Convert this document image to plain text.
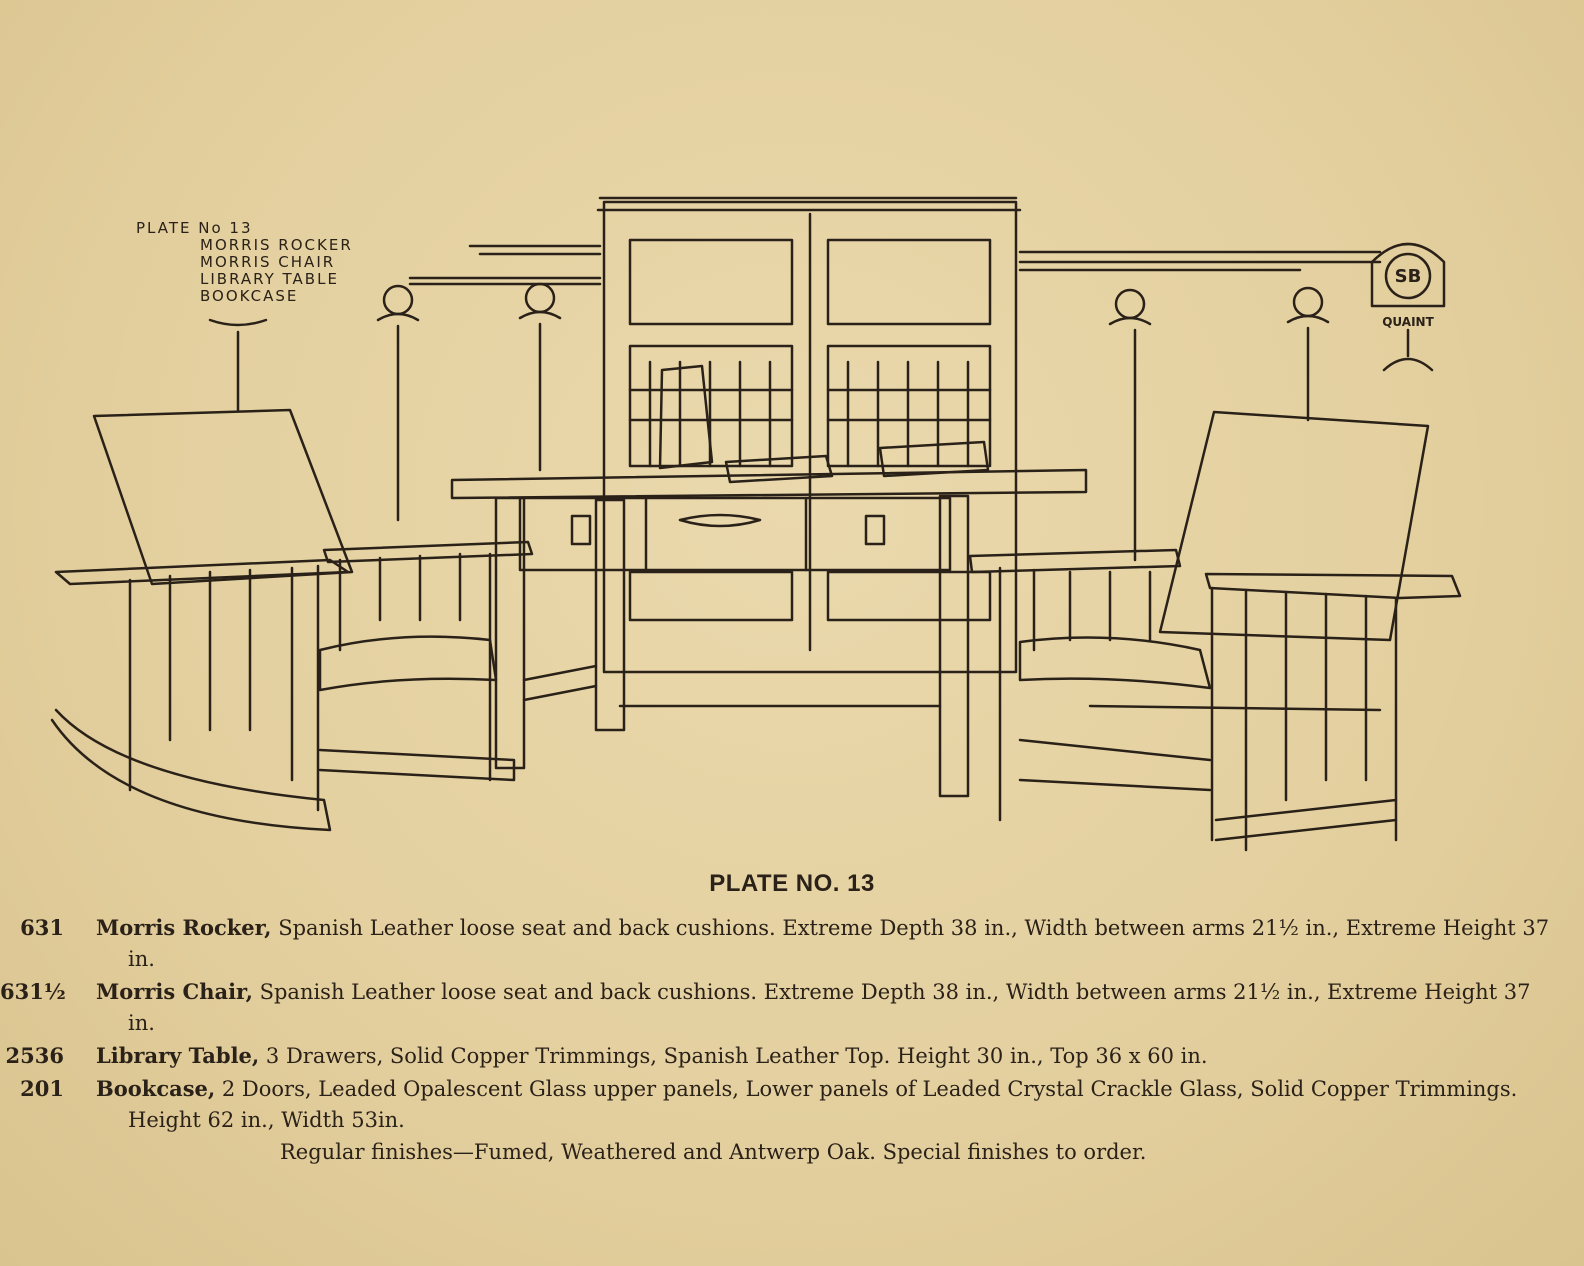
SB
QUAINT
PLATE No 13
MORRIS ROCKER
MORRIS CHAIR
LIBRARY TABLE
BOOKCASE
PLATE NO. 13
631 Morris Rocker, Spanish Leather loose seat and back cushions. Extreme Depth 38 in., Width between arms 21½ in., Extreme Height 37 in.
631½ Morris Chair, Spanish Leather loose seat and back cushions. Extreme Depth 38 in., Width between arms 21½ in., Extreme Height 37 in.
2536 Library Table, 3 Drawers, Solid Copper Trimmings, Spanish Leather Top. Height 30 in., Top 36 x 60 in.
201 Bookcase, 2 Doors, Leaded Opalescent Glass upper panels, Lower panels of Leaded Crystal Crackle Glass, Solid Copper Trimmings. Height 62 in., Width 53in.
Regular finishes—Fumed, Weathered and Antwerp Oak. Special finishes to order.
